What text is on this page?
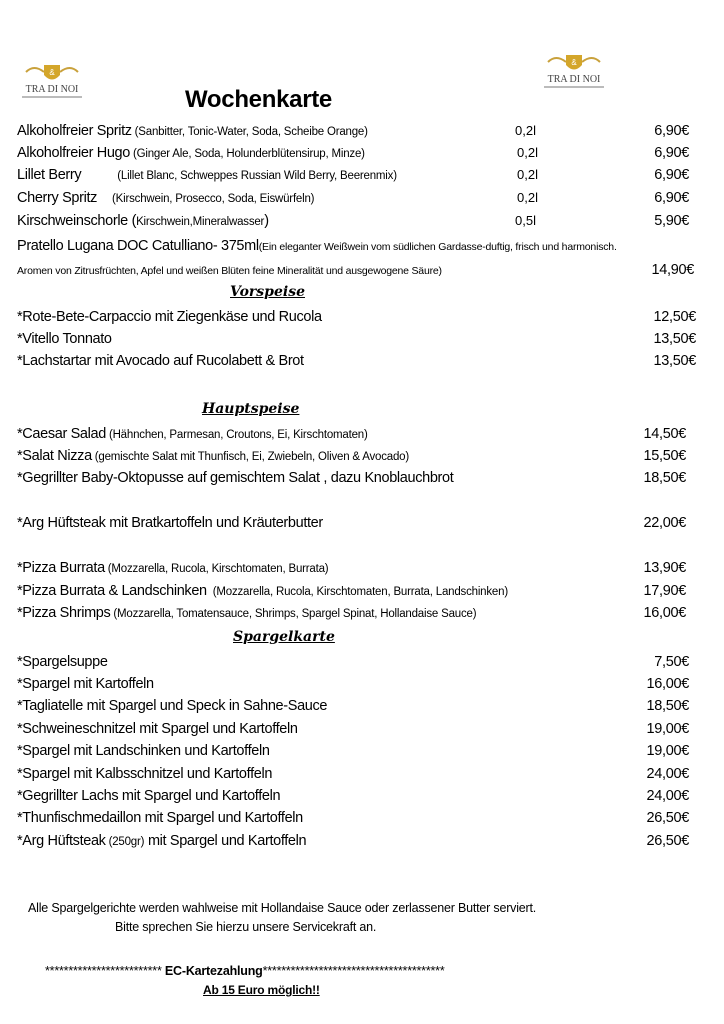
&
TRA DI NOI
&
TRA DI NOI
Wochenkarte
Alkoholfreier Spritz (Sanbitter, Tonic-Water, Soda, Scheibe Orange)	0,2l	6,90€
Alkoholfreier Hugo (Ginger Ale, Soda, Holunderblütensirup, Minze)	0,2l	6,90€
Lillet Berry            (Lillet Blanc, Schweppes Russian Wild Berry, Beerenmix)	0,2l	6,90€
Cherry Spritz     (Kirschwein, Prosecco, Soda, Eiswürfeln)	0,2l	6,90€
Kirschweinschorle (Kirschwein,Mineralwasser)	0,5l	5,90€
Pratello Lugana DOC Catulliano- 375ml(Ein eleganter Weißwein vom südlichen Gardasse-duftig, frisch und harmonisch.
Aromen von Zitrusfrüchten, Apfel und weißen Blüten feine Mineralität und ausgewogene Säure)	14,90€
Vorspeise
*Rote-Bete-Carpaccio mit Ziegenkäse und Rucola	12,50€
*Vitello Tonnato	13,50€
*Lachstartar mit Avocado auf Rucolabett & Brot	13,50€
Hauptspeise
*Caesar Salad (Hähnchen, Parmesan, Croutons, Ei, Kirschtomaten)	14,50€
*Salat Nizza (gemischte Salat mit Thunfisch, Ei, Zwiebeln, Oliven & Avocado)	15,50€
*Gegrillter Baby-Oktopusse auf gemischtem Salat , dazu Knoblauchbrot	18,50€
*Arg Hüftsteak mit Bratkartoffeln und Kräuterbutter	22,00€
*Pizza Burrata (Mozzarella, Rucola, Kirschtomaten, Burrata)	13,90€
*Pizza Burrata & Landschinken  (Mozzarella, Rucola, Kirschtomaten, Burrata, Landschinken)	17,90€
*Pizza Shrimps (Mozzarella, Tomatensauce, Shrimps, Spargel Spinat, Hollandaise Sauce)	16,00€
Spargelkarte
*Spargelsuppe	7,50€
*Spargel mit Kartoffeln	16,00€
*Tagliatelle mit Spargel und Speck in Sahne-Sauce	18,50€
*Schweineschnitzel mit Spargel und Kartoffeln	19,00€
*Spargel mit Landschinken und Kartoffeln	19,00€
*Spargel mit Kalbsschnitzel und Kartoffeln	24,00€
*Gegrillter Lachs mit Spargel und Kartoffeln	24,00€
*Thunfischmedaillon mit Spargel und Kartoffeln	26,50€
*Arg Hüftsteak (250gr) mit Spargel und Kartoffeln	26,50€
Alle Spargelgerichte werden wahlweise mit Hollandaise Sauce oder zerlassener Butter serviert.
Bitte sprechen Sie hierzu unsere Servicekraft an.
************************* EC-Kartezahlung***************************************
Ab 15 Euro möglich!!
